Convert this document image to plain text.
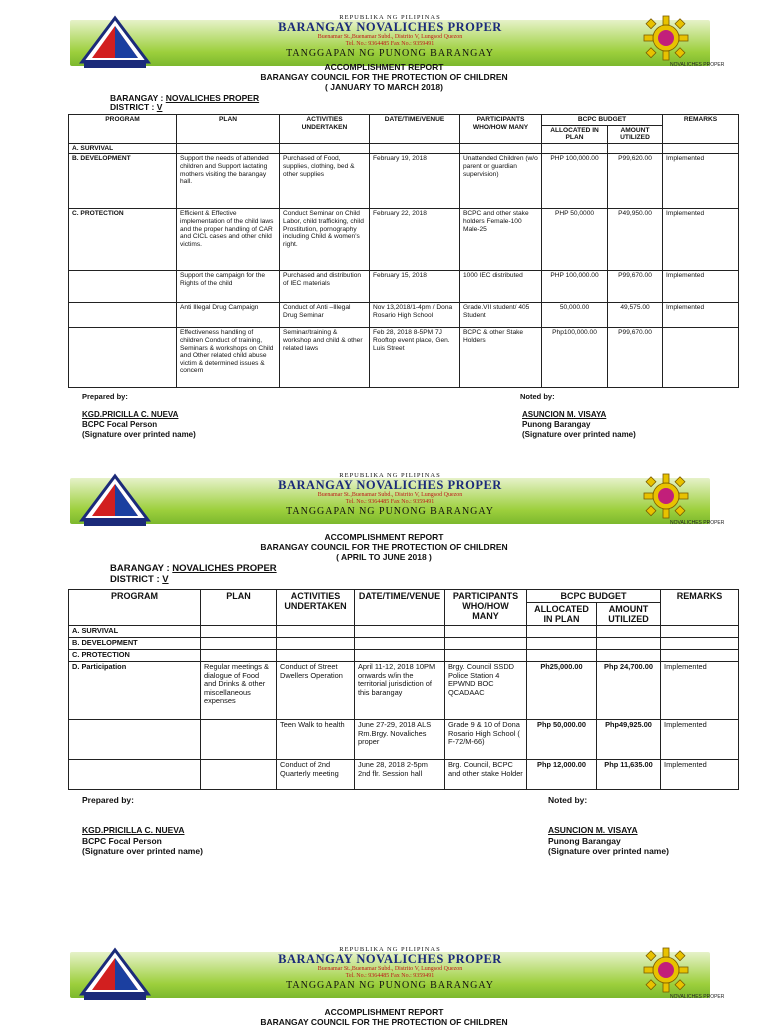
NOVALICHES PROPER
REPUBLIKA NG PILIPINAS
BARANGAY NOVALICHES PROPER
Buenamar St.,Buenamar Subd., Distrito V, Lungsod Quezon
Tel. No.: 9364485 Fax No.: 9359491
TANGGAPAN NG PUNONG BARANGAY
NOVALICHES PROPER
REPUBLIKA NG PILIPINAS
BARANGAY NOVALICHES PROPER
Buenamar St.,Buenamar Subd., Distrito V, Lungsod Quezon
Tel. No.: 9364485 Fax No.: 9359491
TANGGAPAN NG PUNONG BARANGAY
NOVALICHES PROPER
REPUBLIKA NG PILIPINAS
BARANGAY NOVALICHES PROPER
Buenamar St.,Buenamar Subd., Distrito V, Lungsod Quezon
Tel. No.: 9364485 Fax No.: 9359491
TANGGAPAN NG PUNONG BARANGAY
ACCOMPLISHMENT REPORT
BARANGAY COUNCIL FOR THE PROTECTION OF CHILDREN
( JANUARY TO MARCH 2018)
BARANGAY : NOVALICHES PROPER
DISTRICT : V
PROGRAM	PLAN	ACTIVITIES UNDERTAKEN	DATE/TIME/VENUE	PARTICIPANTS WHO/HOW MANY	BCPC BUDGET		REMARKS
					ALLOCATED IN PLAN	AMOUNT UTILIZED	
A. SURVIVAL							
B. DEVELOPMENT	Support the needs of attended children and Support lactating mothers visiting the barangay hall.	Purchased of Food, supplies, clothing, bed & other supplies	February 19, 2018	Unattended Children (w/o parent or guardian supervision)	PHP 100,000.00	P99,620.00	Implemented
C. PROTECTION	Efficient & Effective implementation of the child laws and the proper handling of CAR and CICL cases and other child victims.	Conduct Seminar on Child Labor, child trafficking, child Prostitution, pornography including Child & women's right.	February 22, 2018	BCPC and other stake holders Female-100 Male-25	PHP 50,0000	P49,950.00	Implemented
	Support the campaign for the Rights of the child	Purchased and distribution of IEC materials	February 15, 2018	1000 IEC distributed	PHP 100,000.00	P99,670.00	Implemented
	Anti Illegal Drug Campaign	Conduct of Anti –Illegal Drug Seminar	Nov 13,2018/1-4pm / Dona Rosario High School	Grade.VII student/ 405 Student	50,000.00	49,575.00	Implemented
	Effectiveness handling of children Conduct of training, Seminars & workshops on Child and Other related child abuse victim & determined issues & concern	Seminar/training & workshop and child & other related laws	Feb 28, 2018 8-5PM 7J Rooftop event place, Gen. Luis Street	BCPC & other Stake Holders	Php100,000.00	P99,670.00	
Prepared by:	Noted by:
KGD.PRICILLA C. NUEVA
BCPC Focal Person
(Signature over printed name)
ASUNCION M. VISAYA
Punong Barangay
(Signature over printed name)
ACCOMPLISHMENT REPORT
BARANGAY COUNCIL FOR THE PROTECTION OF CHILDREN
( APRIL TO JUNE 2018 )
BARANGAY : NOVALICHES PROPER
DISTRICT : V
PROGRAM	PLAN	ACTIVITIES UNDERTAKEN	DATE/TIME/VENUE	PARTICIPANTS WHO/HOW MANY	BCPC BUDGET		REMARKS
					ALLOCATED IN PLAN	AMOUNT UTILIZED	
A. SURVIVAL							
B. DEVELOPMENT							
C. PROTECTION							
D. Participation	Regular meetings & dialogue of Food and Drinks & other miscellaneous expenses	Conduct of Street Dwellers Operation	April 11-12, 2018 10PM onwards w/in the territorial jurisdiction of this barangay	Brgy. Council SSDD Police Station 4 EPWND BOC QCADAAC	Ph25,000.00	Php 24,700.00	Implemented
		Teen Walk to health	June 27-29, 2018 ALS Rm.Brgy. Novaliches proper	Grade 9 & 10 of Dona Rosario High School ( F-72/M-66)	Php 50,000.00	Php49,925.00	Implemented
		Conduct of 2nd Quarterly meeting	June 28, 2018 2-5pm 2nd flr. Session hall	Brg. Council, BCPC and other stake Holder	Php 12,000.00	Php 11,635.00	Implemented
Prepared by:	Noted by:
KGD.PRICILLA C. NUEVA
BCPC Focal Person
(Signature over printed name)
ASUNCION M. VISAYA
Punong Barangay
(Signature over printed name)
ACCOMPLISHMENT REPORT
BARANGAY COUNCIL FOR THE PROTECTION OF CHILDREN
